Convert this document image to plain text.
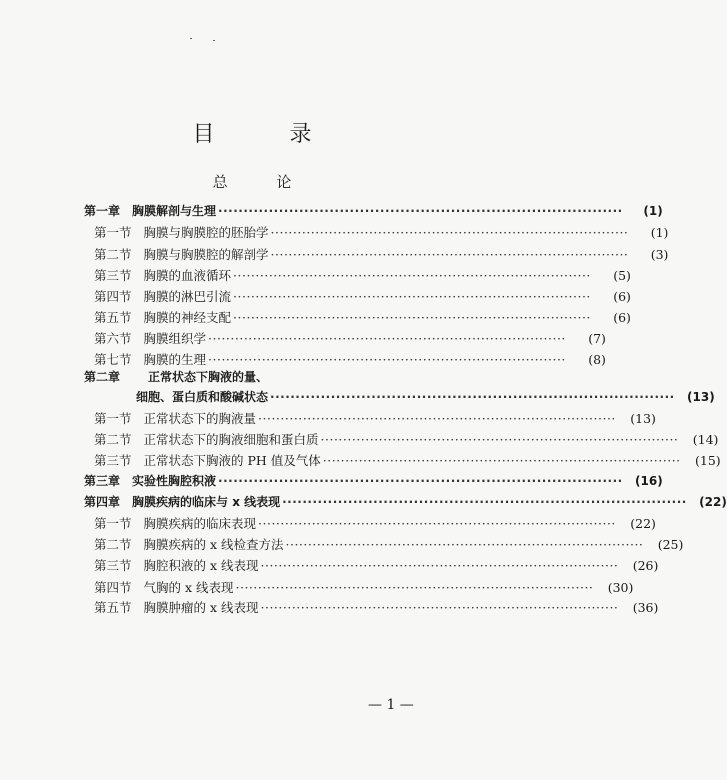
目 录
总 论
第一章 胸膜解剖与生理 ················································································	(1)
第一节 胸膜与胸膜腔的胚胎学 ················································································	(1)
第二节 胸膜与胸膜腔的解剖学 ················································································	(3)
第三节 胸膜的血液循环 ················································································	(5)
第四节 胸膜的淋巴引流 ················································································	(6)
第五节 胸膜的神经支配 ················································································	(6)
第六节 胸膜组织学 ················································································	(7)
第七节 胸膜的生理 ················································································	(8)
第二章	正常状态下胸液的量、
细胞、蛋白质和酸碱状态 ················································································	(13)
第一节 正常状态下的胸液量 ················································································	(13)
第二节 正常状态下的胸液细胞和蛋白质 ················································································	(14)
第三节 正常状态下胸液的 PH 值及气体 ················································································	(15)
第三章 实验性胸腔积液 ················································································	(16)
第四章 胸膜疾病的临床与 x 线表现 ················································································	(22)
第一节 胸膜疾病的临床表现 ················································································	(22)
第二节 胸膜疾病的 x 线检查方法 ················································································	(25)
第三节 胸腔积液的 x 线表现 ················································································	(26)
第四节 气胸的 x 线表现 ················································································	(30)
第五节 胸膜肿瘤的 x 线表现 ················································································	(36)
— 1 —
